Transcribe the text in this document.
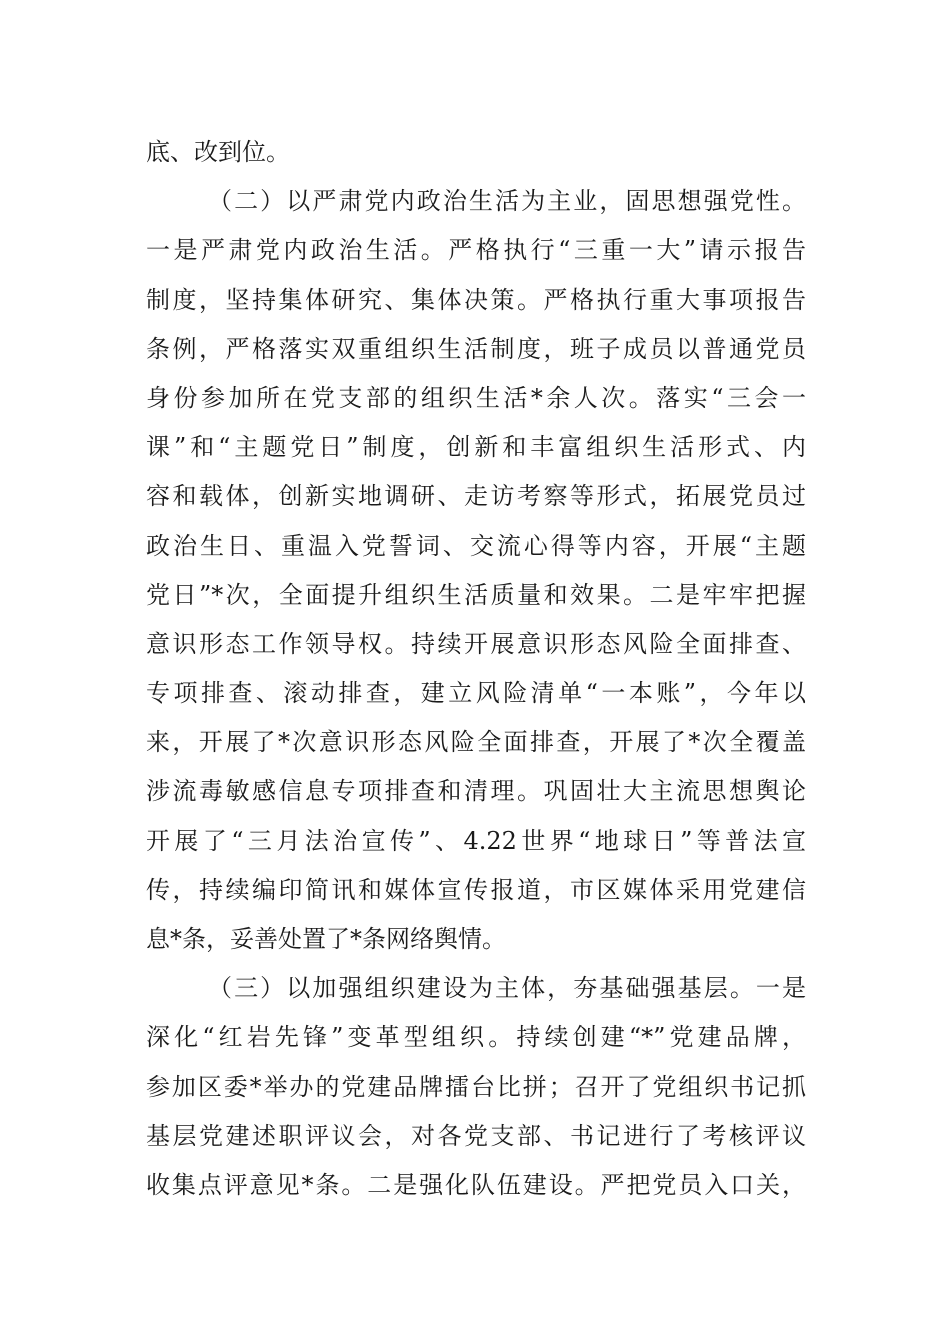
底、改到位。
（二）以严肃党内政治生活为主业，固思想强党性。
一是严肃党内政治生活。严格执行“三重一大”请示报告
制度，坚持集体研究、集体决策。严格执行重大事项报告
条例，严格落实双重组织生活制度，班子成员以普通党员
身份参加所在党支部的组织生活*余人次。落实“三会一
课”和“主题党日”制度，创新和丰富组织生活形式、内
容和载体，创新实地调研、走访考察等形式，拓展党员过
政治生日、重温入党誓词、交流心得等内容，开展“主题
党日”*次，全面提升组织生活质量和效果。二是牢牢把握
意识形态工作领导权。持续开展意识形态风险全面排查、
专项排查、滚动排查，建立风险清单“一本账”，今年以
来，开展了*次意识形态风险全面排查，开展了*次全覆盖
涉流毒敏感信息专项排查和清理。巩固壮大主流思想舆论
开展了“三月法治宣传”、4.22世界“地球日”等普法宣
传，持续编印简讯和媒体宣传报道，市区媒体采用党建信
息*条，妥善处置了*条网络舆情。
（三）以加强组织建设为主体，夯基础强基层。一是
深化“红岩先锋”变革型组织。持续创建“*”党建品牌，
参加区委*举办的党建品牌擂台比拼；召开了党组织书记抓
基层党建述职评议会，对各党支部、书记进行了考核评议
收集点评意见*条。二是强化队伍建设。严把党员入口关，
